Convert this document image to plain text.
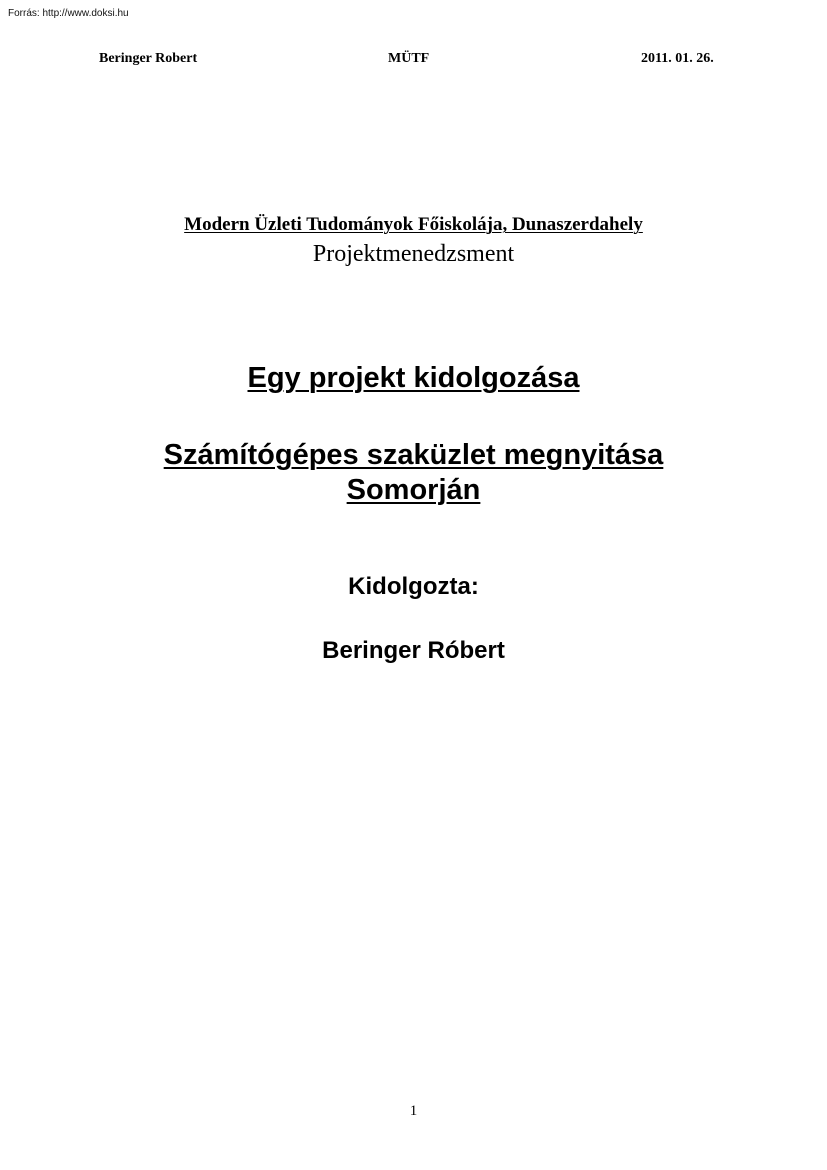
Forrás: http://www.doksi.hu
Beringer Robert	MÜTF	2011. 01. 26.
Modern Üzleti Tudományok Főiskolája, Dunaszerdahely
Projektmenedzsment
Egy projekt kidolgozása
Számítógépes szaküzlet megnyitása
Somorján
Kidolgozta:
Beringer Róbert
1
